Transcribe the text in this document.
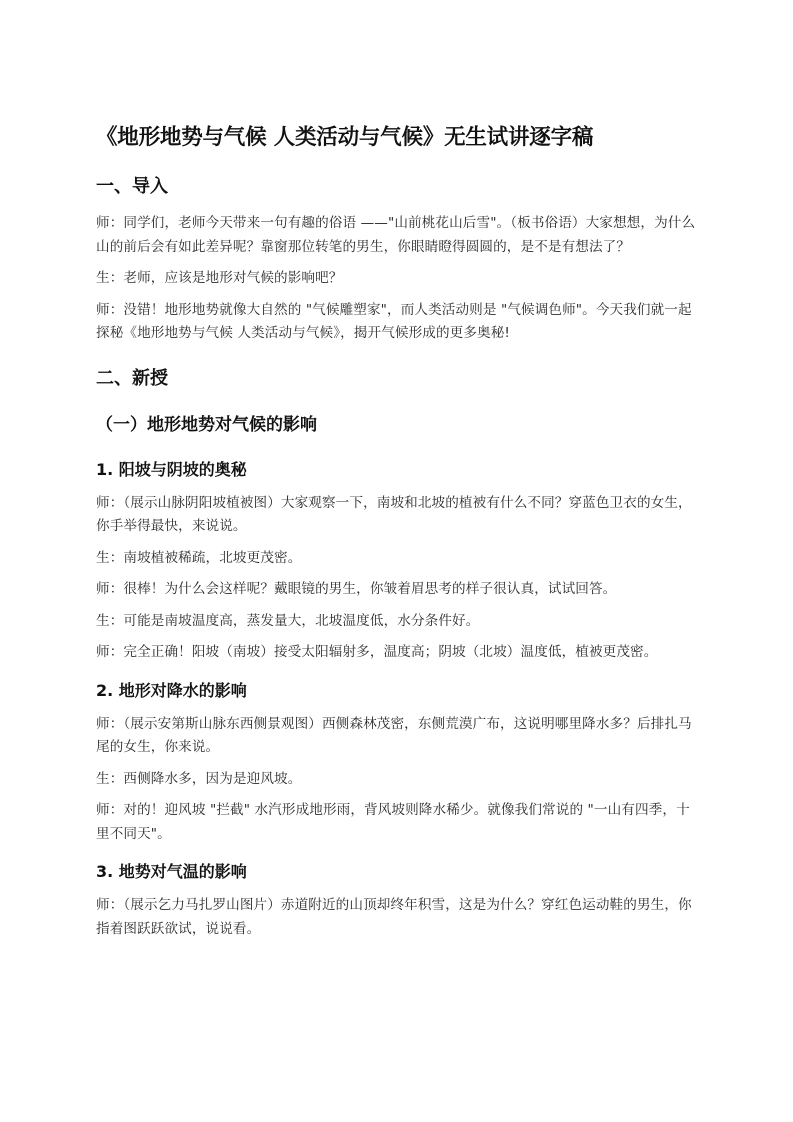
《地形地势与气候 人类活动与气候》无生试讲逐字稿
一、导入

师：同学们，老师今天带来一句有趣的俗语 ——"山前桃花山后雪"。（板书俗语）大家想想，为什么山的前后会有如此差异呢？靠窗那位转笔的男生，你眼睛瞪得圆圆的，是不是有想法了？

生：老师，应该是地形对气候的影响吧？

师：没错！地形地势就像大自然的 "气候雕塑家"，而人类活动则是 "气候调色师"。今天我们就一起探秘《地形地势与气候 人类活动与气候》，揭开气候形成的更多奥秘!

二、新授
（一）地形地势对气候的影响
1. 阳坡与阴坡的奥秘

师：（展示山脉阴阳坡植被图）大家观察一下，南坡和北坡的植被有什么不同？穿蓝色卫衣的女生，你手举得最快，来说说。

生：南坡植被稀疏，北坡更茂密。

师：很棒！为什么会这样呢？戴眼镜的男生，你皱着眉思考的样子很认真，试试回答。

生：可能是南坡温度高，蒸发量大，北坡温度低，水分条件好。

师：完全正确！阳坡（南坡）接受太阳辐射多，温度高；阴坡（北坡）温度低，植被更茂密。

2. 地形对降水的影响

师：（展示安第斯山脉东西侧景观图）西侧森林茂密，东侧荒漠广布，这说明哪里降水多？后排扎马尾的女生，你来说。

生：西侧降水多，因为是迎风坡。

师：对的！迎风坡 "拦截" 水汽形成地形雨，背风坡则降水稀少。就像我们常说的 "一山有四季，十里不同天"。

3. 地势对气温的影响

师：（展示乞力马扎罗山图片）赤道附近的山顶却终年积雪，这是为什么？穿红色运动鞋的男生，你指着图跃跃欲试，说说看。
